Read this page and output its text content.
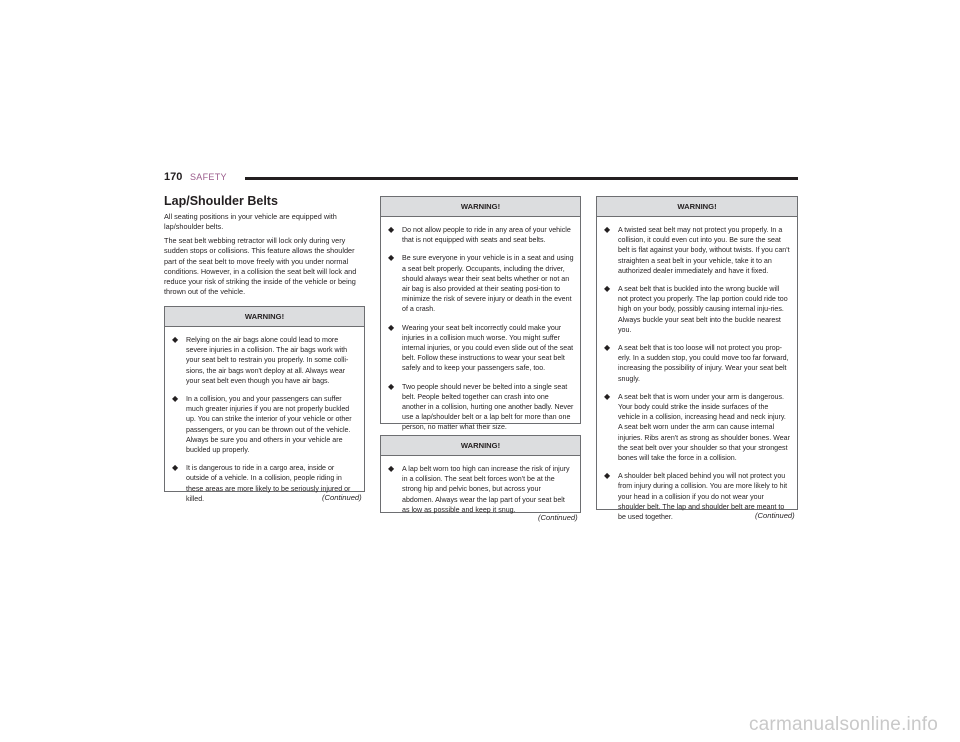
170 SAFETY
Lap/Shoulder Belts

All seating positions in your vehicle are equipped with lap/shoulder belts.

The seat belt webbing retractor will lock only during very sudden stops or collisions. This feature allows the shoulder part of the seat belt to move freely with you under normal conditions. However, in a collision the seat belt will lock and reduce your risk of striking the inside of the vehicle or being thrown out of the vehicle.

WARNING!
◆ Relying on the air bags alone could lead to more severe injuries in a collision. The air bags work with your seat belt to restrain you properly. In some colli-sions, the air bags won't deploy at all. Always wear your seat belt even though you have air bags.
◆ In a collision, you and your passengers can suffer much greater injuries if you are not properly buckled up. You can strike the interior of your vehicle or other passengers, or you can be thrown out of the vehicle. Always be sure you and others in your vehicle are buckled up properly.
◆ It is dangerous to ride in a cargo area, inside or outside of a vehicle. In a collision, people riding in these areas are more likely to be seriously injured or killed.	(Continued)
WARNING!
◆ Do not allow people to ride in any area of your vehicle that is not equipped with seats and seat belts.
◆ Be sure everyone in your vehicle is in a seat and using a seat belt properly. Occupants, including the driver, should always wear their seat belts whether or not an air bag is also provided at their seating posi-tion to minimize the risk of severe injury or death in the event of a crash.
◆ Wearing your seat belt incorrectly could make your injuries in a collision much worse. You might suffer internal injuries, or you could even slide out of the seat belt. Follow these instructions to wear your seat belt safely and to keep your passengers safe, too.
◆ Two people should never be belted into a single seat belt. People belted together can crash into one another in a collision, hurting one another badly. Never use a lap/shoulder belt or a lap belt for more than one person, no matter what their size.
WARNING!
◆ A lap belt worn too high can increase the risk of injury in a collision. The seat belt forces won't be at the strong hip and pelvic bones, but across your abdomen. Always wear the lap part of your seat belt as low as possible and keep it snug.
(Continued)
WARNING!
◆ A twisted seat belt may not protect you properly. In a collision, it could even cut into you. Be sure the seat belt is flat against your body, without twists. If you can't straighten a seat belt in your vehicle, take it to an authorized dealer immediately and have it fixed.
◆ A seat belt that is buckled into the wrong buckle will not protect you properly. The lap portion could ride too high on your body, possibly causing internal inju-ries. Always buckle your seat belt into the buckle nearest you.
◆ A seat belt that is too loose will not protect you prop-erly. In a sudden stop, you could move too far forward, increasing the possibility of injury. Wear your seat belt snugly.
◆ A seat belt that is worn under your arm is dangerous. Your body could strike the inside surfaces of the vehicle in a collision, increasing head and neck injury. A seat belt worn under the arm can cause internal injuries. Ribs aren't as strong as shoulder bones. Wear the seat belt over your shoulder so that your strongest bones will take the force in a collision.
◆ A shoulder belt placed behind you will not protect you from injury during a collision. You are more likely to hit your head in a collision if you do not wear your shoulder belt. The lap and shoulder belt are meant to be used together.	(Continued)
carmanualsonline.info
